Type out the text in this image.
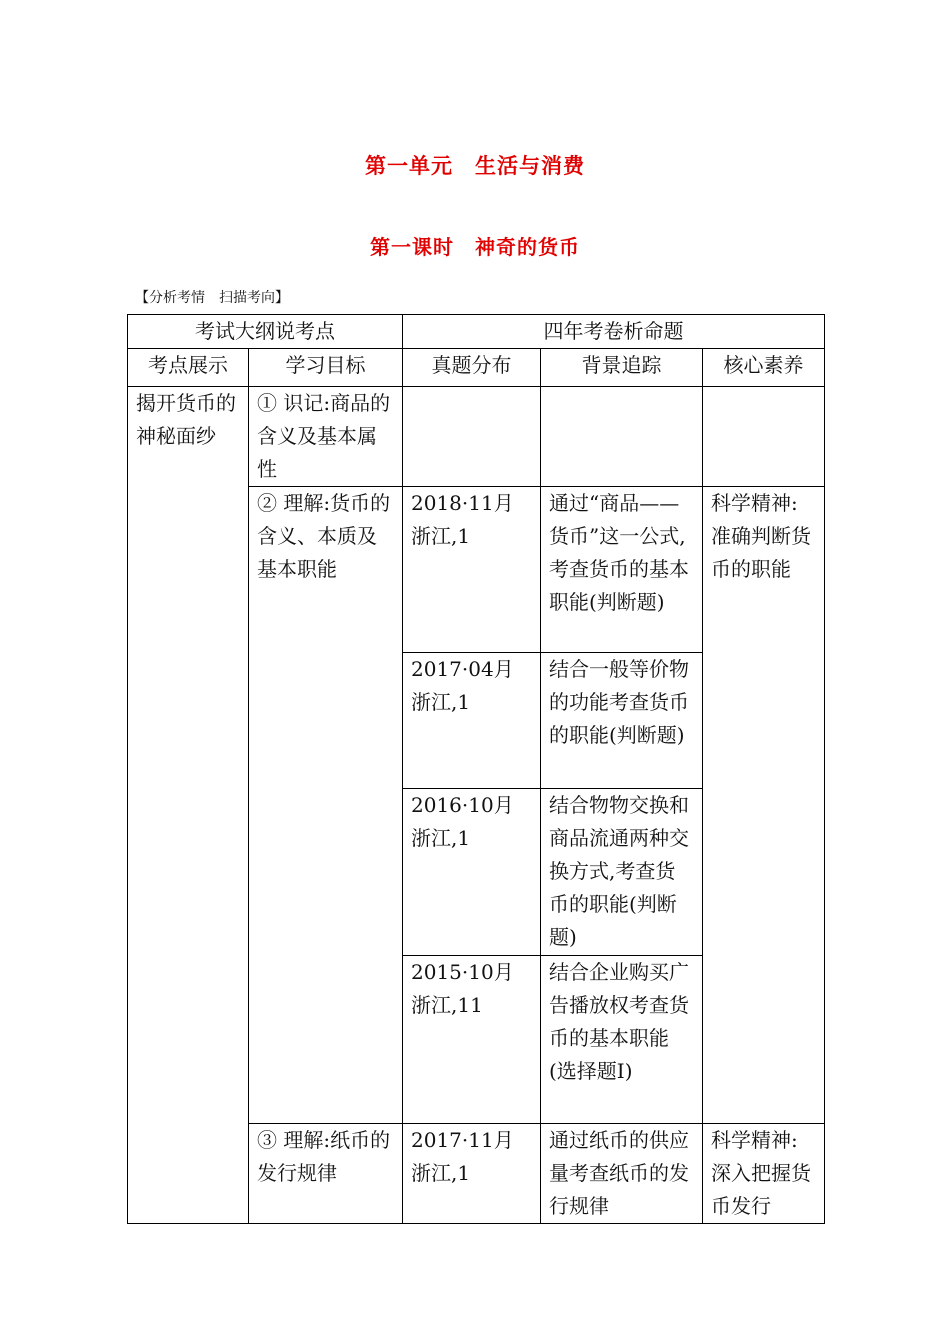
第一单元　生活与消费
第一课时　神奇的货币
【分析考情　扫描考向】
考试大纲说考点		四年考卷析命题		
考点展示	学习目标	真题分布	背景追踪	核心素养
揭开货币的神秘面纱	① 识记:商品的含义及基本属性			
	② 理解:货币的含义、本质及基本职能	2018·11月浙江,1	通过“商品——货币”这一公式,考查货币的基本职能(判断题)	科学精神:准确判断货币的职能
		2017·04月浙江,1	结合一般等价物的功能考查货币的职能(判断题)	
		2016·10月浙江,1	结合物物交换和商品流通两种交换方式,考查货币的职能(判断题)	
		2015·10月浙江,11	结合企业购买广告播放权考查货币的基本职能(选择题Ⅰ)	
	③ 理解:纸币的发行规律	2017·11月浙江,1	通过纸币的供应量考查纸币的发行规律	科学精神:深入把握货币发行
